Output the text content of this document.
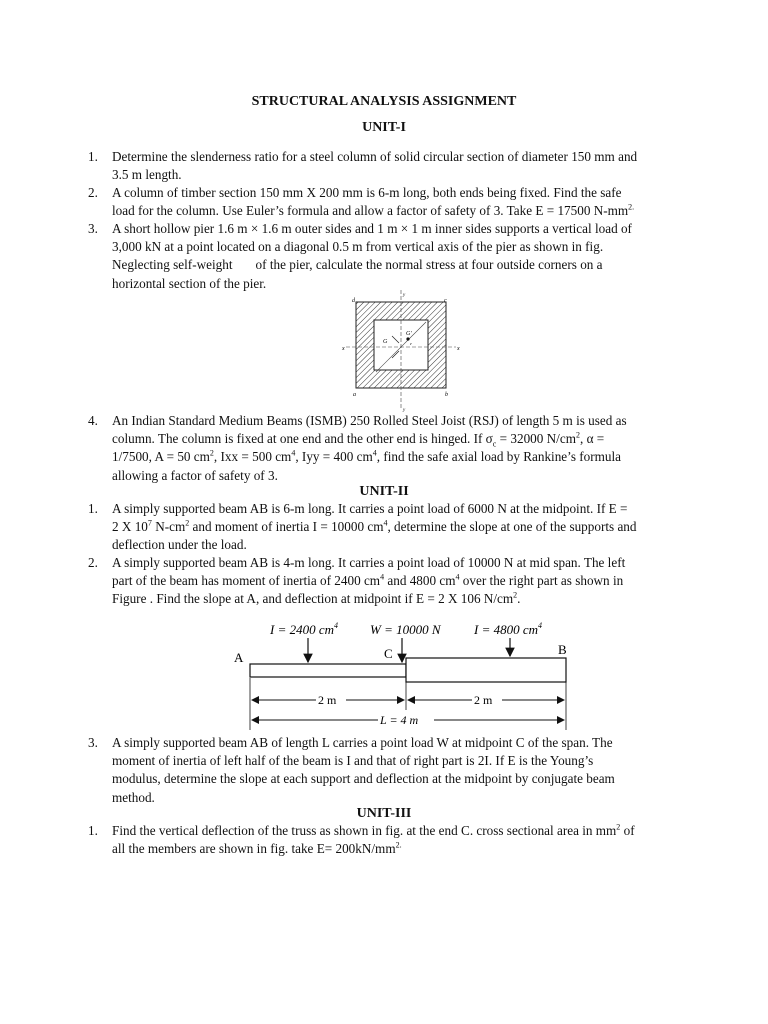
STRUCTURAL ANALYSIS ASSIGNMENT
UNIT-I
1. Determine the slenderness ratio for a steel column of solid circular section of diameter 150 mm and
3.5 m length.
2. A column of timber section 150 mm X 200 mm is 6-m long, both ends being fixed. Find the safe
load for the column. Use Euler’s formula and allow a factor of safety of 3. Take E = 17500 $N-mm^{2.}$
3. A short hollow pier 1.6 m × 1.6 m outer sides and 1 m × 1 m inner sides supports a vertical load of
3,000 kN at a point located on a diagonal 0.5 m from vertical axis of the pier as shown in fig.
Neglecting self-weight       of the pier, calculate the normal stress at four outside corners on a
horizontal section of the pier.
d	c
a	b
x	x
G
G'
e
y
y
4. An Indian Standard Medium Beams (ISMB) 250 Rolled Steel Joist (RSJ) of length 5 m is used as
column. The column is fixed at one end and the other end is hinged. If $\sigma_c = 32000$ $N/cm^2$, α =
1/7500, A = 50 $cm^2$, Ixx = 500 $cm^4$, Iyy = 400 $cm^4$, find the safe axial load by Rankine’s formula
allowing a factor of safety of 3.
UNIT-II
1. A simply supported beam AB is 6-m long. It carries a point load of 6000 N at the midpoint. If E =
2 X $10^7$ $N-cm^2$ and moment of inertia I = 10000 $cm^4$, determine the slope at one of the supports and
deflection under the load.
2. A simply supported beam AB is 4-m long. It carries a point load of 10000 N at mid span. The left
part of the beam has moment of inertia of 2400 $cm^4$ and 4800 $cm^4$ over the right part as shown in
Figure . Find the slope at A, and deflection at midpoint if E = 2 X 106 $N/cm^2$.
I = 2400 $cm^4$ W = 10000 N	I = 4800 $cm^4$
A	C	B
2 m	2 m
L = 4 m
3. A simply supported beam AB of length L carries a point load W at midpoint C of the span. The
moment of inertia of left half of the beam is I and that of right part is 2I. If E is the Young’s
modulus, determine the slope at each support and deflection at the midpoint by conjugate beam
method.
UNIT-III
1. Find the vertical deflection of the truss as shown in fig. at the end C. cross sectional area in $mm^2$ of
all the members are shown in fig. take $E= 200kN/mm^{2.}$
